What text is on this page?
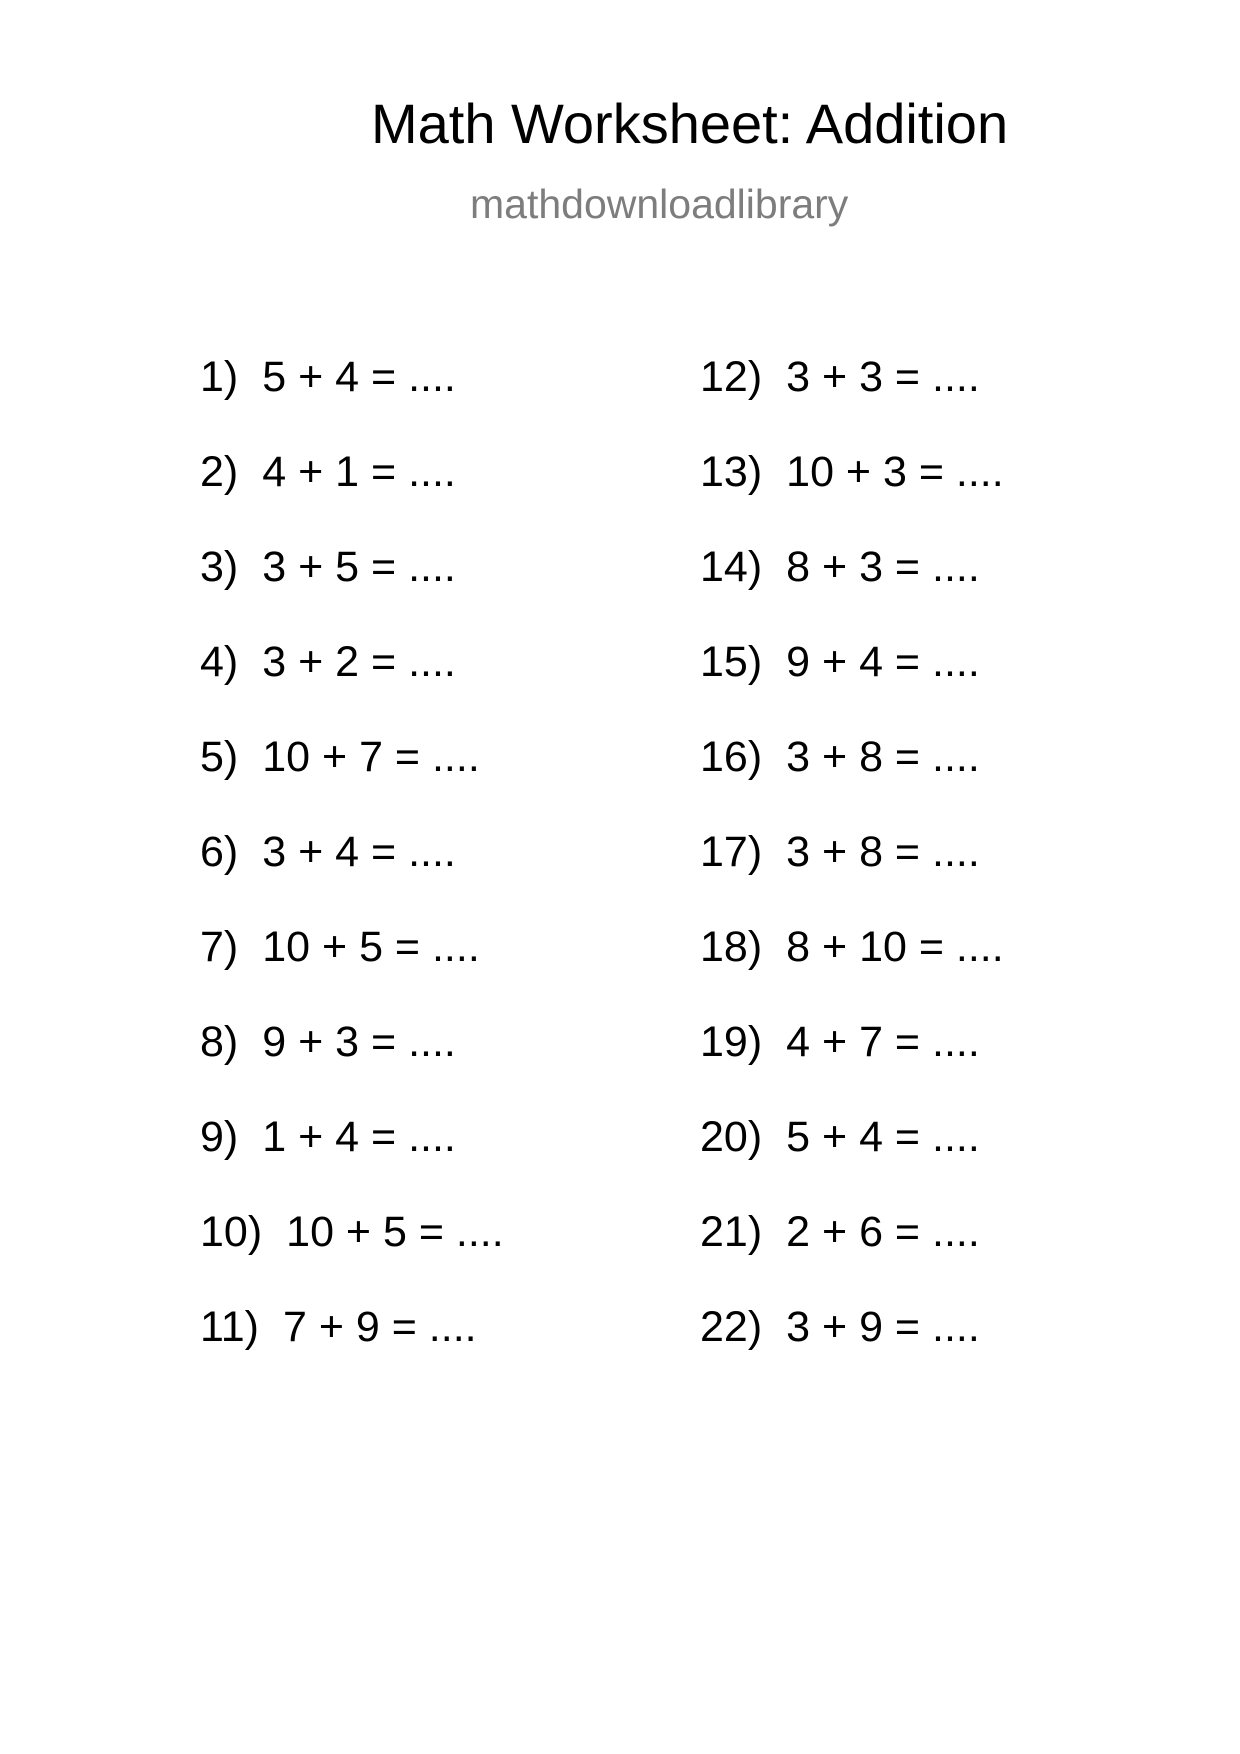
Math Worksheet: Addition
mathdownloadlibrary
1) 5 + 4 = ....
2) 4 + 1 = ....
3) 3 + 5 = ....
4) 3 + 2 = ....
5) 10 + 7 = ....
6) 3 + 4 = ....
7) 10 + 5 = ....
8) 9 + 3 = ....
9) 1 + 4 = ....
10) 10 + 5 = ....
11) 7 + 9 = ....
12) 3 + 3 = ....
13) 10 + 3 = ....
14) 8 + 3 = ....
15) 9 + 4 = ....
16) 3 + 8 = ....
17) 3 + 8 = ....
18) 8 + 10 = ....
19) 4 + 7 = ....
20) 5 + 4 = ....
21) 2 + 6 = ....
22) 3 + 9 = ....
